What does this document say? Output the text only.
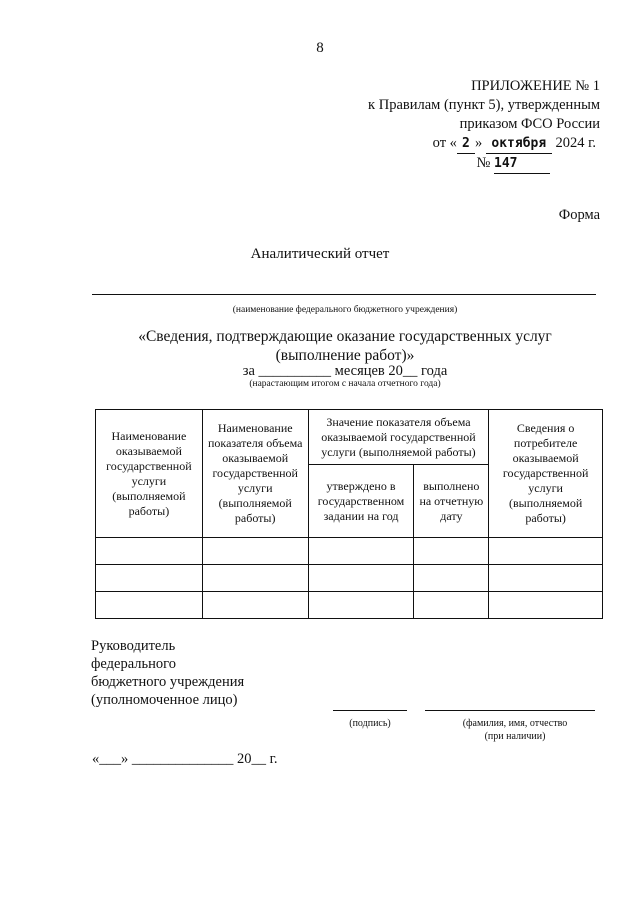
8
ПРИЛОЖЕНИЕ № 1
к Правилам (пункт 5), утвержденным
приказом ФСО России
от « 2 » октября 2024 г.
№ 147
Форма
Аналитический отчет
(наименование федерального бюджетного учреждения)
«Сведения, подтверждающие оказание государственных услуг
(выполнение работ)»
за __________ месяцев 20__ года
(нарастающим итогом с начала отчетного года)
Наименование оказываемой государственной услуги (выполняемой работы)	Наименование показателя объема оказываемой государственной услуги (выполняемой работы)	Значение показателя объема оказываемой государственной услуги (выполняемой работы)		Сведения о потребителе оказываемой государственной услуги (выполняемой работы)
		утверждено в государственном задании на год	выполнено на отчетную дату	

Руководитель
федерального
бюджетного учреждения
(уполномоченное лицо)
(подпись)	(фамилия, имя, отчество
(при наличии)
«___» ______________ 20__ г.
